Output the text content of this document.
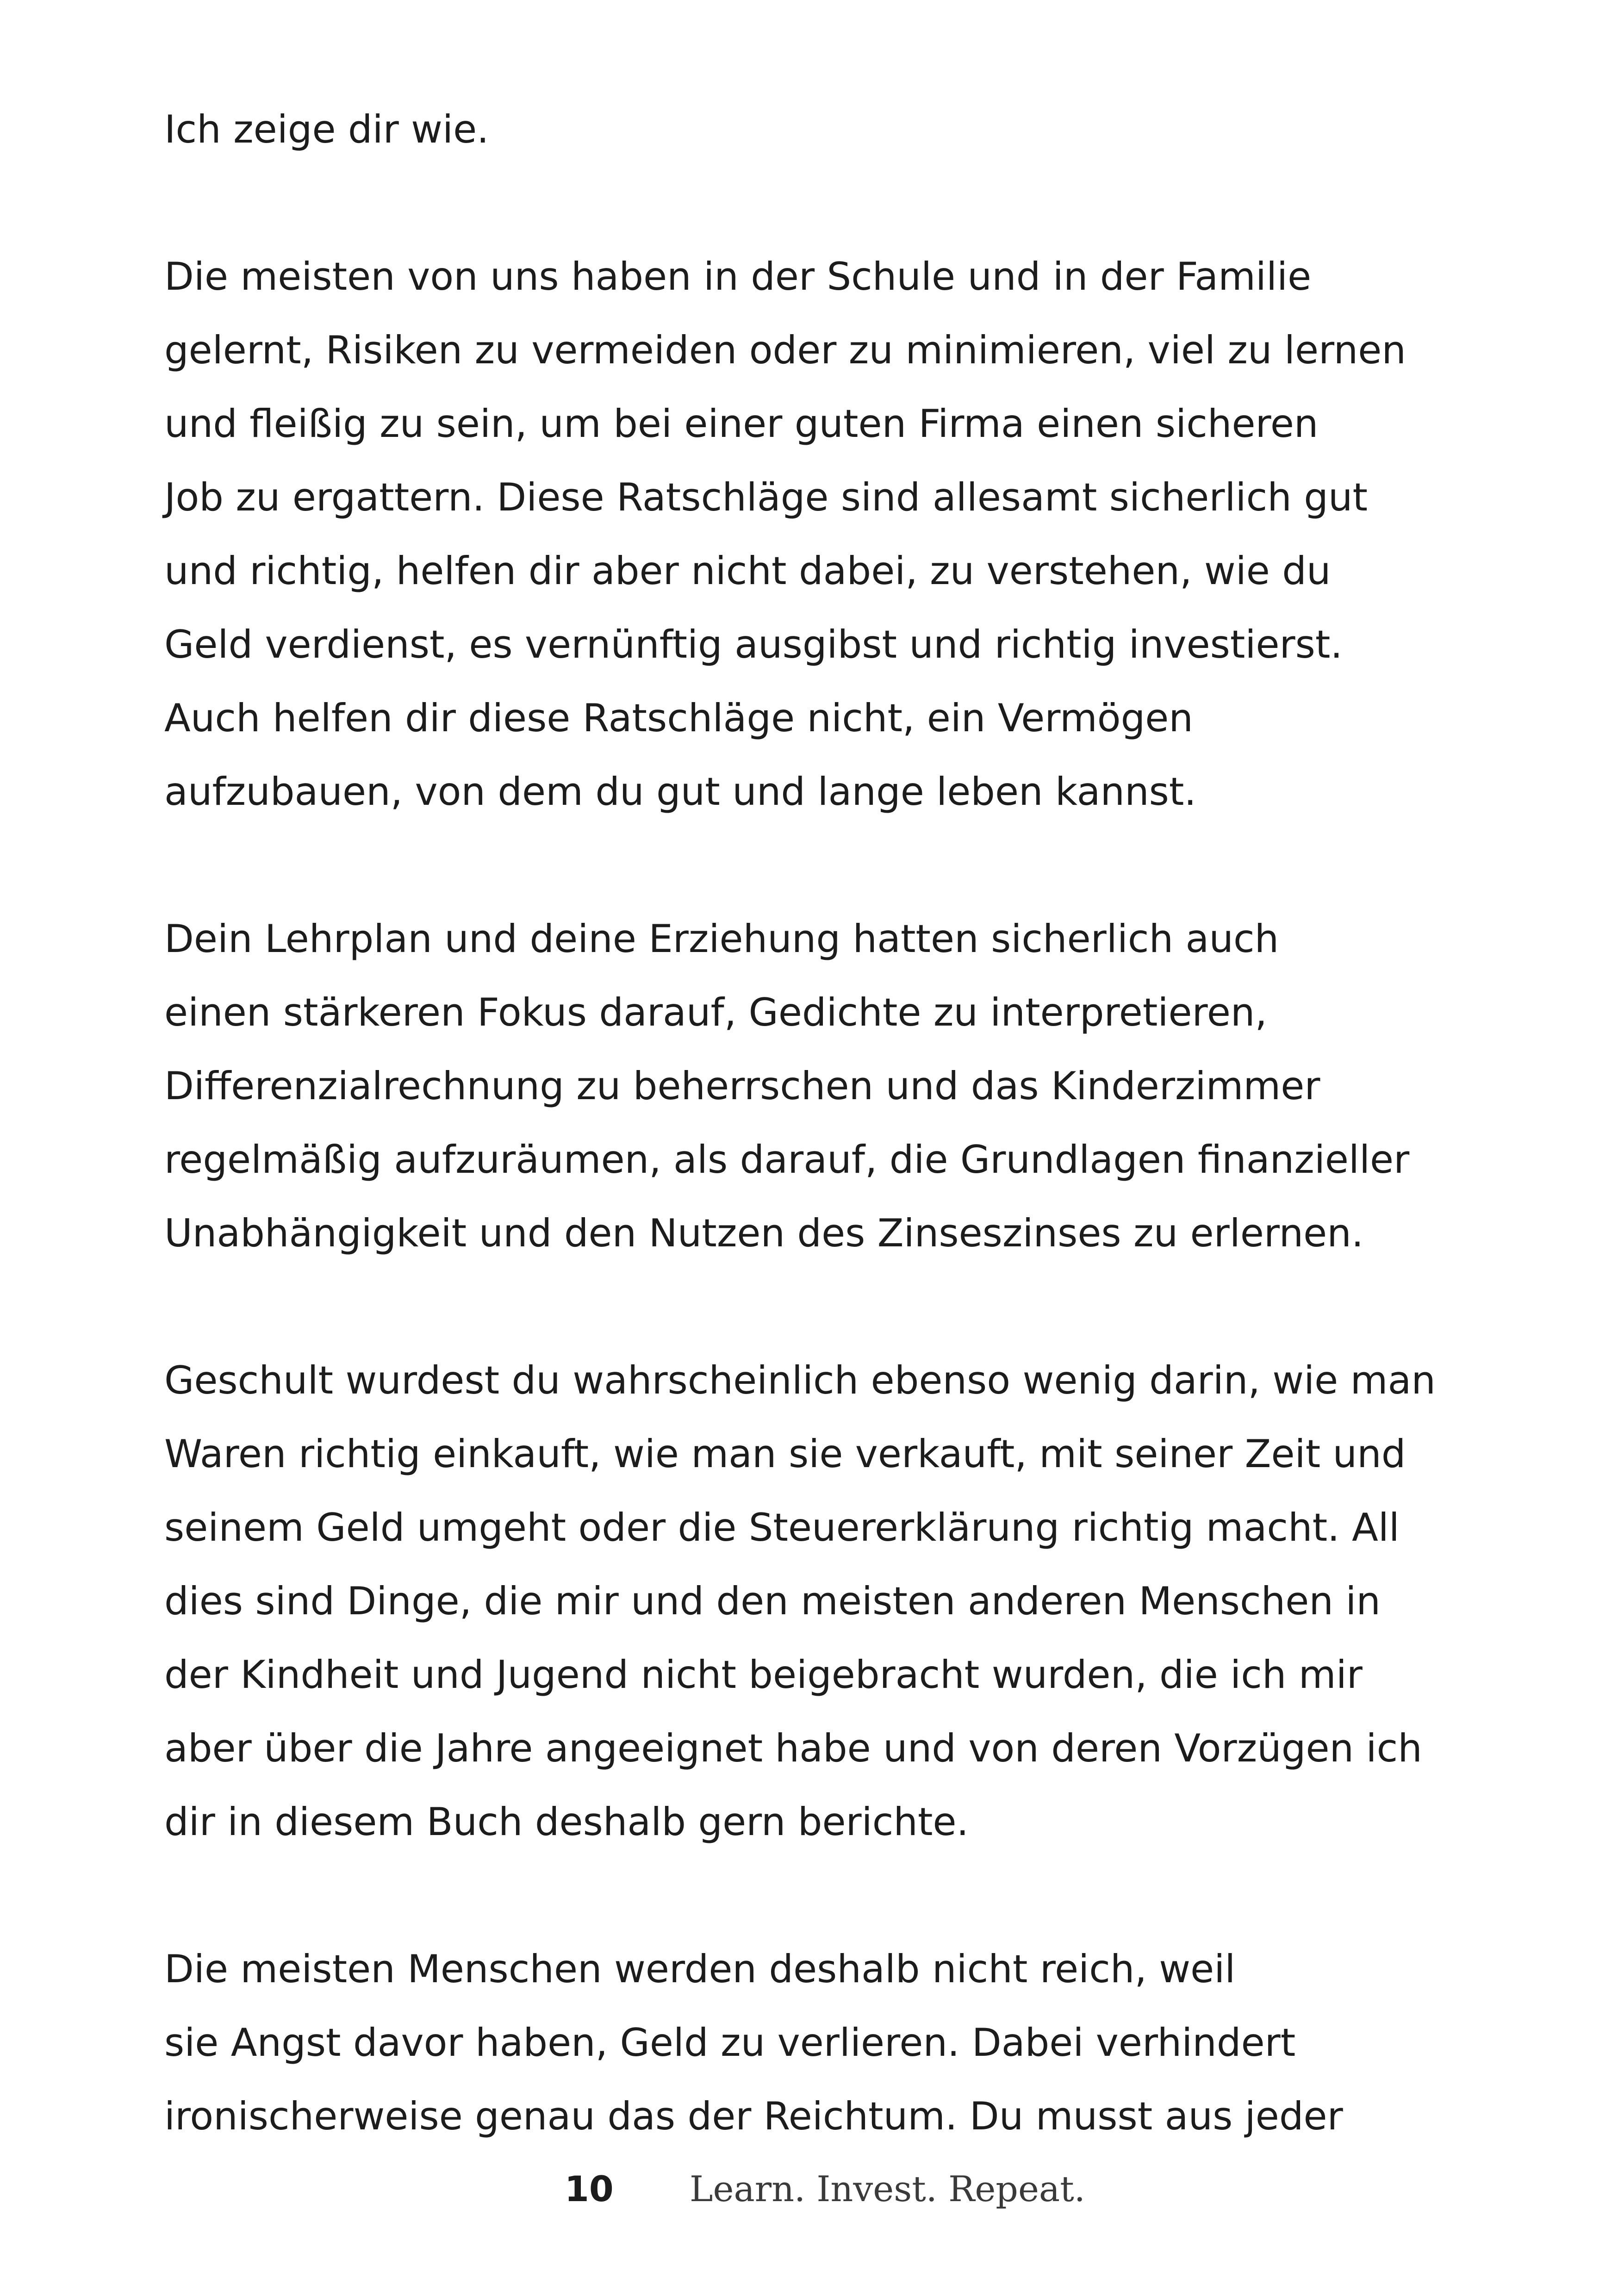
Ich zeige dir wie.

Die meisten von uns haben in der Schule und in der Familie
gelernt, Risiken zu vermeiden oder zu minimieren, viel zu lernen
und fleißig zu sein, um bei einer guten Firma einen sicheren
Job zu ergattern. Diese Ratschläge sind allesamt sicherlich gut
und richtig, helfen dir aber nicht dabei, zu verstehen, wie du
Geld verdienst, es vernünftig ausgibst und richtig investierst.
Auch helfen dir diese Ratschläge nicht, ein Vermögen
aufzubauen, von dem du gut und lange leben kannst.

Dein Lehrplan und deine Erziehung hatten sicherlich auch
einen stärkeren Fokus darauf, Gedichte zu interpretieren,
Differenzialrechnung zu beherrschen und das Kinderzimmer
regelmäßig aufzuräumen, als darauf, die Grundlagen finanzieller
Unabhängigkeit und den Nutzen des Zinseszinses zu erlernen.

Geschult wurdest du wahrscheinlich ebenso wenig darin, wie man
Waren richtig einkauft, wie man sie verkauft, mit seiner Zeit und
seinem Geld umgeht oder die Steuererklärung richtig macht. All
dies sind Dinge, die mir und den meisten anderen Menschen in
der Kindheit und Jugend nicht beigebracht wurden, die ich mir
aber über die Jahre angeeignet habe und von deren Vorzügen ich
dir in diesem Buch deshalb gern berichte.

Die meisten Menschen werden deshalb nicht reich, weil
sie Angst davor haben, Geld zu verlieren. Dabei verhindert
ironischerweise genau das der Reichtum. Du musst aus jeder

10 Learn. Invest. Repeat.
